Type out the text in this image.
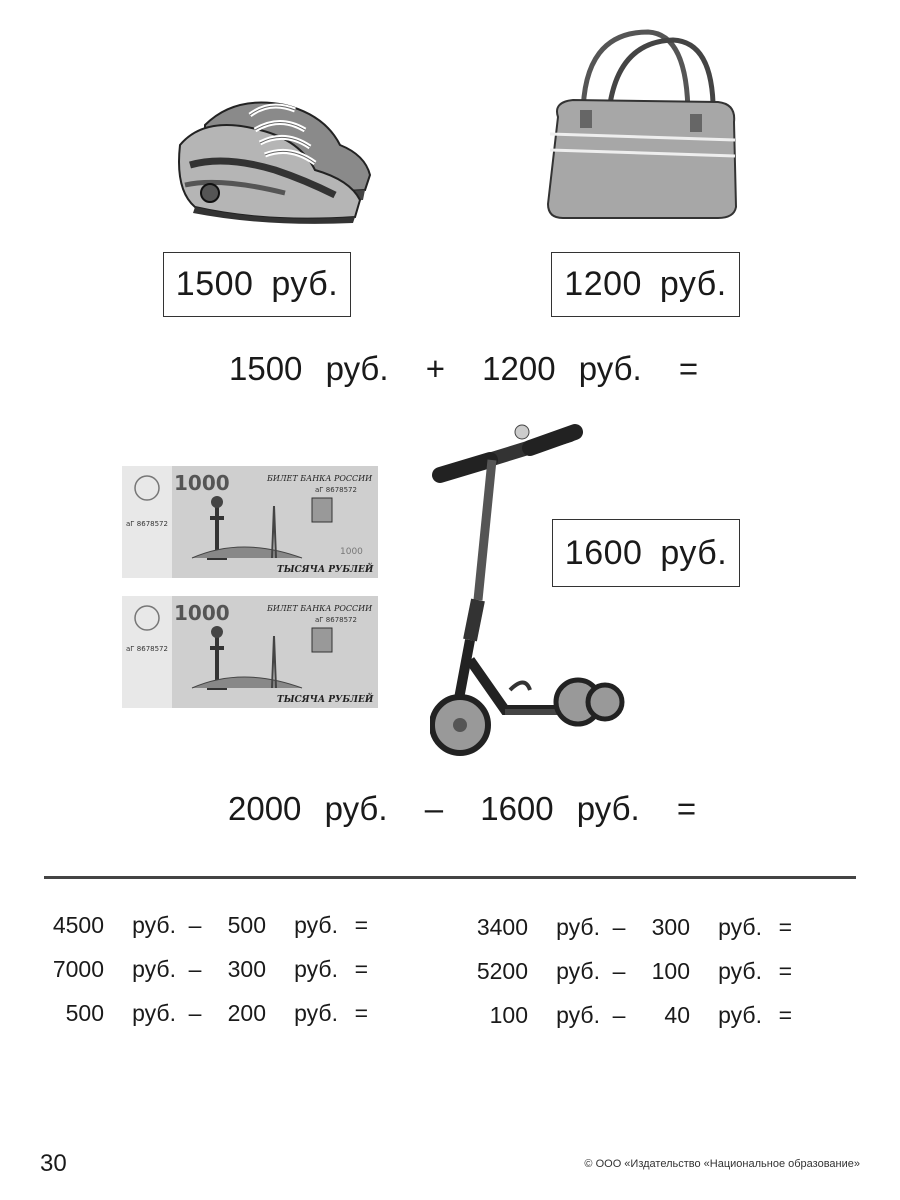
1500 руб.	1200 руб.
1500 руб. + 1200 руб. =
1000	БИЛЕТ БАНКА РОССИИ
аГ 8678572
аГ 8678572
1000
ТЫСЯЧА РУБЛЕЙ
1000	БИЛЕТ БАНКА РОССИИ
аГ 8678572
аГ 8678572
ТЫСЯЧА РУБЛЕЙ
1600 руб.
2000 руб. – 1600 руб. =
4500	руб. –	500	руб. =
7000	руб. –	300	руб. =
500	руб. –	200	руб. =
3400	руб. –	300	руб. =
5200	руб. –	100	руб. =
100	руб. –	40	руб. =
30	© ООО «Издательство «Национальное образование»
